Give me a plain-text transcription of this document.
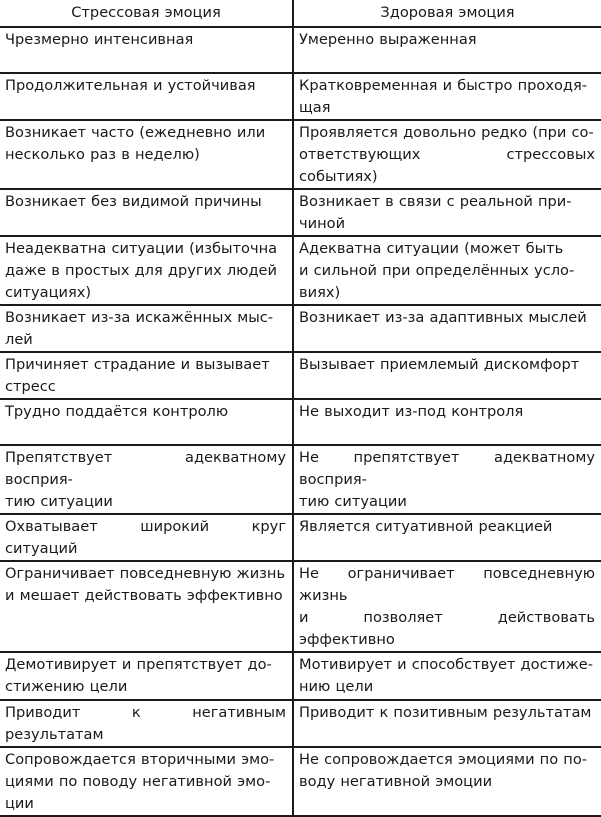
Стрессовая эмоция	Здоровая эмоция
Чрезмерно интенсивная	Умеренно выраженная
Продолжительная и устойчивая	Кратковременная и быстро проходя-
щая
Возникает часто (ежедневно или
несколько раз в неделю)	Проявляется довольно редко (при со-
ответствующих стрессовых событиях)
Возникает без видимой причины	Возникает в связи с реальной при-
чиной
Неадекватна ситуации (избыточна
даже в простых для других людей
ситуациях)	Адекватна ситуации (может быть
и сильной при определённых усло-
виях)
Возникает из-за искажённых мыс-
лей	Возникает из-за адаптивных мыслей
Причиняет страдание и вызывает
стресс	Вызывает приемлемый дискомфорт
Трудно поддаётся контролю	Не выходит из-под контроля
Препятствует адекватному восприя-
тию ситуации	Не препятствует адекватному восприя-
тию ситуации
Охватывает широкий круг ситуаций	Является ситуативной реакцией
Ограничивает повседневную жизнь
и мешает действовать эффективно	Не ограничивает повседневную жизнь
и позволяет действовать эффективно
Демотивирует и препятствует до-
стижению цели	Мотивирует и способствует достиже-
нию цели
Приводит к негативным результатам	Приводит к позитивным результатам
Сопровождается вторичными эмо-
циями по поводу негативной эмо-
ции	Не сопровождается эмоциями по по-
воду негативной эмоции
